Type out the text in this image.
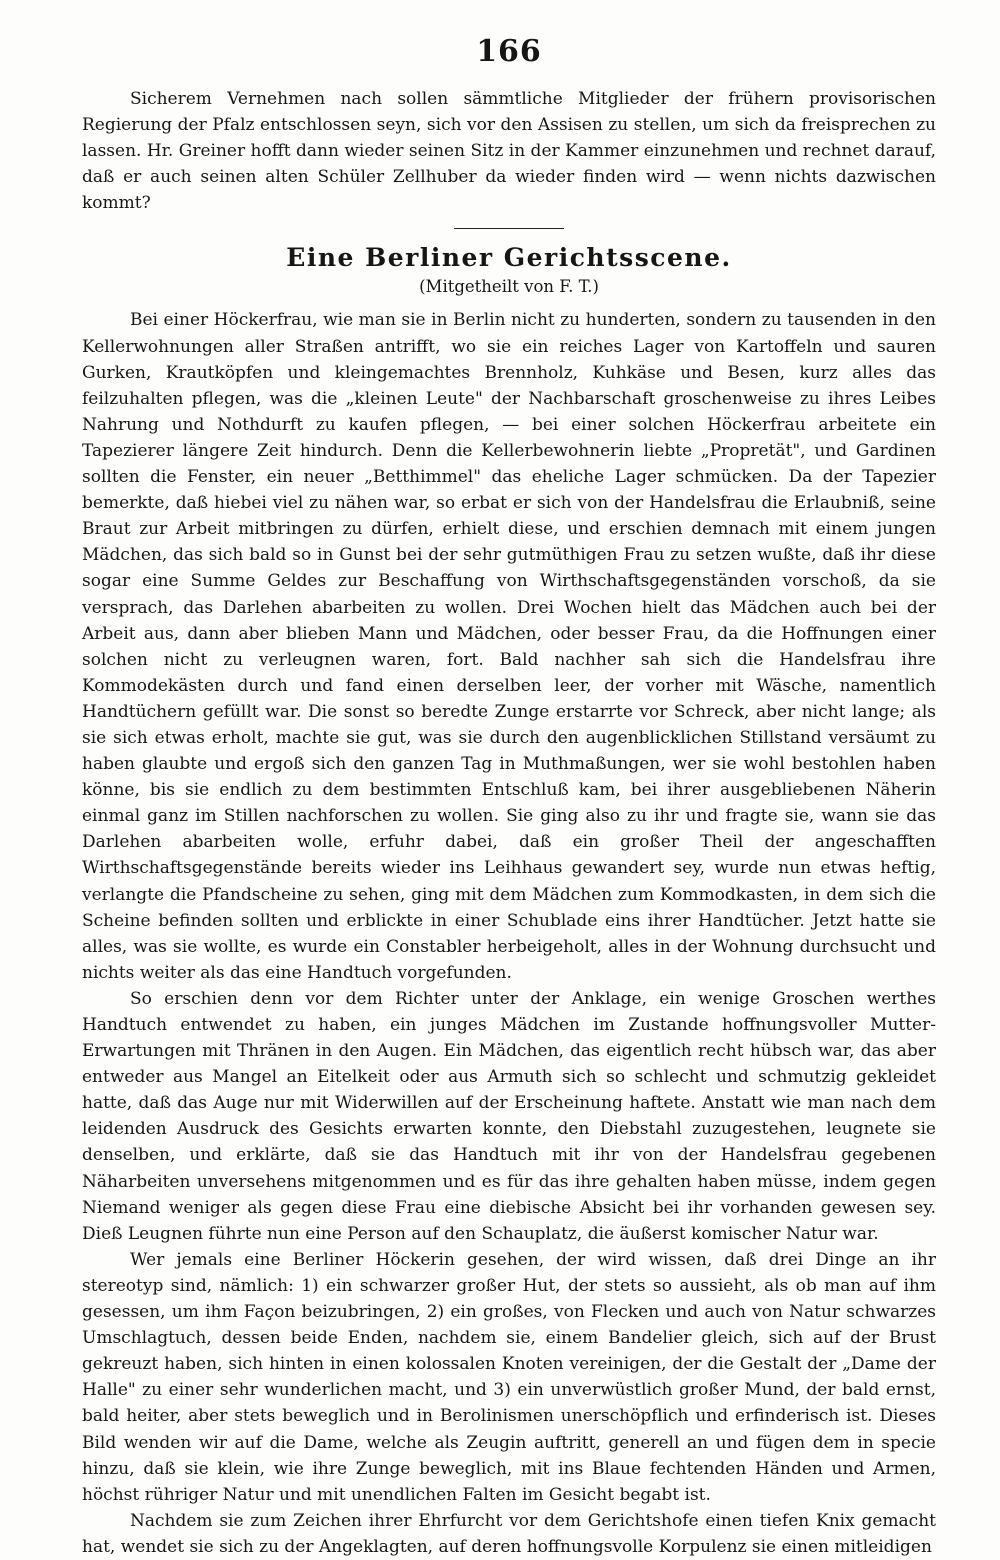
166

Sicherem Vernehmen nach sollen sämmtliche Mitglieder der frühern provisorischen Regierung der Pfalz entschlossen seyn, sich vor den Assisen zu stellen, um sich da freisprechen zu lassen. Hr. Greiner hofft dann wieder seinen Sitz in der Kammer einzunehmen und rechnet darauf, daß er auch seinen alten Schüler Zellhuber da wieder finden wird — wenn nichts dazwischen kommt?

Eine Berliner Gerichtsscene.
(Mitgetheilt von F. T.)

Bei einer Höckerfrau, wie man sie in Berlin nicht zu hunderten, sondern zu tausenden in den Kellerwohnungen aller Straßen antrifft, wo sie ein reiches Lager von Kartoffeln und sauren Gurken, Krautköpfen und kleingemachtes Brennholz, Kuhkäse und Besen, kurz alles das feilzuhalten pflegen, was die „kleinen Leute" der Nachbarschaft groschenweise zu ihres Leibes Nahrung und Nothdurft zu kaufen pflegen, — bei einer solchen Höckerfrau arbeitete ein Tapezierer längere Zeit hindurch. Denn die Kellerbewohnerin liebte „Propretät", und Gardinen sollten die Fenster, ein neuer „Betthimmel" das eheliche Lager schmücken. Da der Tapezier bemerkte, daß hiebei viel zu nähen war, so erbat er sich von der Handelsfrau die Erlaubniß, seine Braut zur Arbeit mitbringen zu dürfen, erhielt diese, und erschien demnach mit einem jungen Mädchen, das sich bald so in Gunst bei der sehr gutmüthigen Frau zu setzen wußte, daß ihr diese sogar eine Summe Geldes zur Beschaffung von Wirthschaftsgegenständen vorschoß, da sie versprach, das Darlehen abarbeiten zu wollen. Drei Wochen hielt das Mädchen auch bei der Arbeit aus, dann aber blieben Mann und Mädchen, oder besser Frau, da die Hoffnungen einer solchen nicht zu verleugnen waren, fort. Bald nachher sah sich die Handelsfrau ihre Kommodekästen durch und fand einen derselben leer, der vorher mit Wäsche, namentlich Handtüchern gefüllt war. Die sonst so beredte Zunge erstarrte vor Schreck, aber nicht lange; als sie sich etwas erholt, machte sie gut, was sie durch den augenblicklichen Stillstand versäumt zu haben glaubte und ergoß sich den ganzen Tag in Muthmaßungen, wer sie wohl bestohlen haben könne, bis sie endlich zu dem bestimmten Entschluß kam, bei ihrer ausgebliebenen Näherin einmal ganz im Stillen nachforschen zu wollen. Sie ging also zu ihr und fragte sie, wann sie das Darlehen abarbeiten wolle, erfuhr dabei, daß ein großer Theil der angeschafften Wirthschaftsgegenstände bereits wieder ins Leihhaus gewandert sey, wurde nun etwas heftig, verlangte die Pfandscheine zu sehen, ging mit dem Mädchen zum Kommodkasten, in dem sich die Scheine befinden sollten und erblickte in einer Schublade eins ihrer Handtücher. Jetzt hatte sie alles, was sie wollte, es wurde ein Constabler herbeigeholt, alles in der Wohnung durchsucht und nichts weiter als das eine Handtuch vorgefunden.

So erschien denn vor dem Richter unter der Anklage, ein wenige Groschen werthes Handtuch entwendet zu haben, ein junges Mädchen im Zustande hoffnungsvoller Mutter-Erwartungen mit Thränen in den Augen. Ein Mädchen, das eigentlich recht hübsch war, das aber entweder aus Mangel an Eitelkeit oder aus Armuth sich so schlecht und schmutzig gekleidet hatte, daß das Auge nur mit Widerwillen auf der Erscheinung haftete. Anstatt wie man nach dem leidenden Ausdruck des Gesichts erwarten konnte, den Diebstahl zuzugestehen, leugnete sie denselben, und erklärte, daß sie das Handtuch mit ihr von der Handelsfrau gegebenen Näharbeiten unversehens mitgenommen und es für das ihre gehalten haben müsse, indem gegen Niemand weniger als gegen diese Frau eine diebische Absicht bei ihr vorhanden gewesen sey. Dieß Leugnen führte nun eine Person auf den Schauplatz, die äußerst komischer Natur war.

Wer jemals eine Berliner Höckerin gesehen, der wird wissen, daß drei Dinge an ihr stereotyp sind, nämlich: 1) ein schwarzer großer Hut, der stets so aussieht, als ob man auf ihm gesessen, um ihm Façon beizubringen, 2) ein großes, von Flecken und auch von Natur schwarzes Umschlagtuch, dessen beide Enden, nachdem sie, einem Bandelier gleich, sich auf der Brust gekreuzt haben, sich hinten in einen kolossalen Knoten vereinigen, der die Gestalt der „Dame der Halle" zu einer sehr wunderlichen macht, und 3) ein unverwüstlich großer Mund, der bald ernst, bald heiter, aber stets beweglich und in Berolinismen unerschöpflich und erfinderisch ist. Dieses Bild wenden wir auf die Dame, welche als Zeugin auftritt, generell an und fügen dem in specie hinzu, daß sie klein, wie ihre Zunge beweglich, mit ins Blaue fechtenden Händen und Armen, höchst rühriger Natur und mit unendlichen Falten im Gesicht begabt ist.

Nachdem sie zum Zeichen ihrer Ehrfurcht vor dem Gerichtshofe einen tiefen Knix gemacht hat, wendet sie sich zu der Angeklagten, auf deren hoffnungsvolle Korpulenz sie einen mitleidigen
